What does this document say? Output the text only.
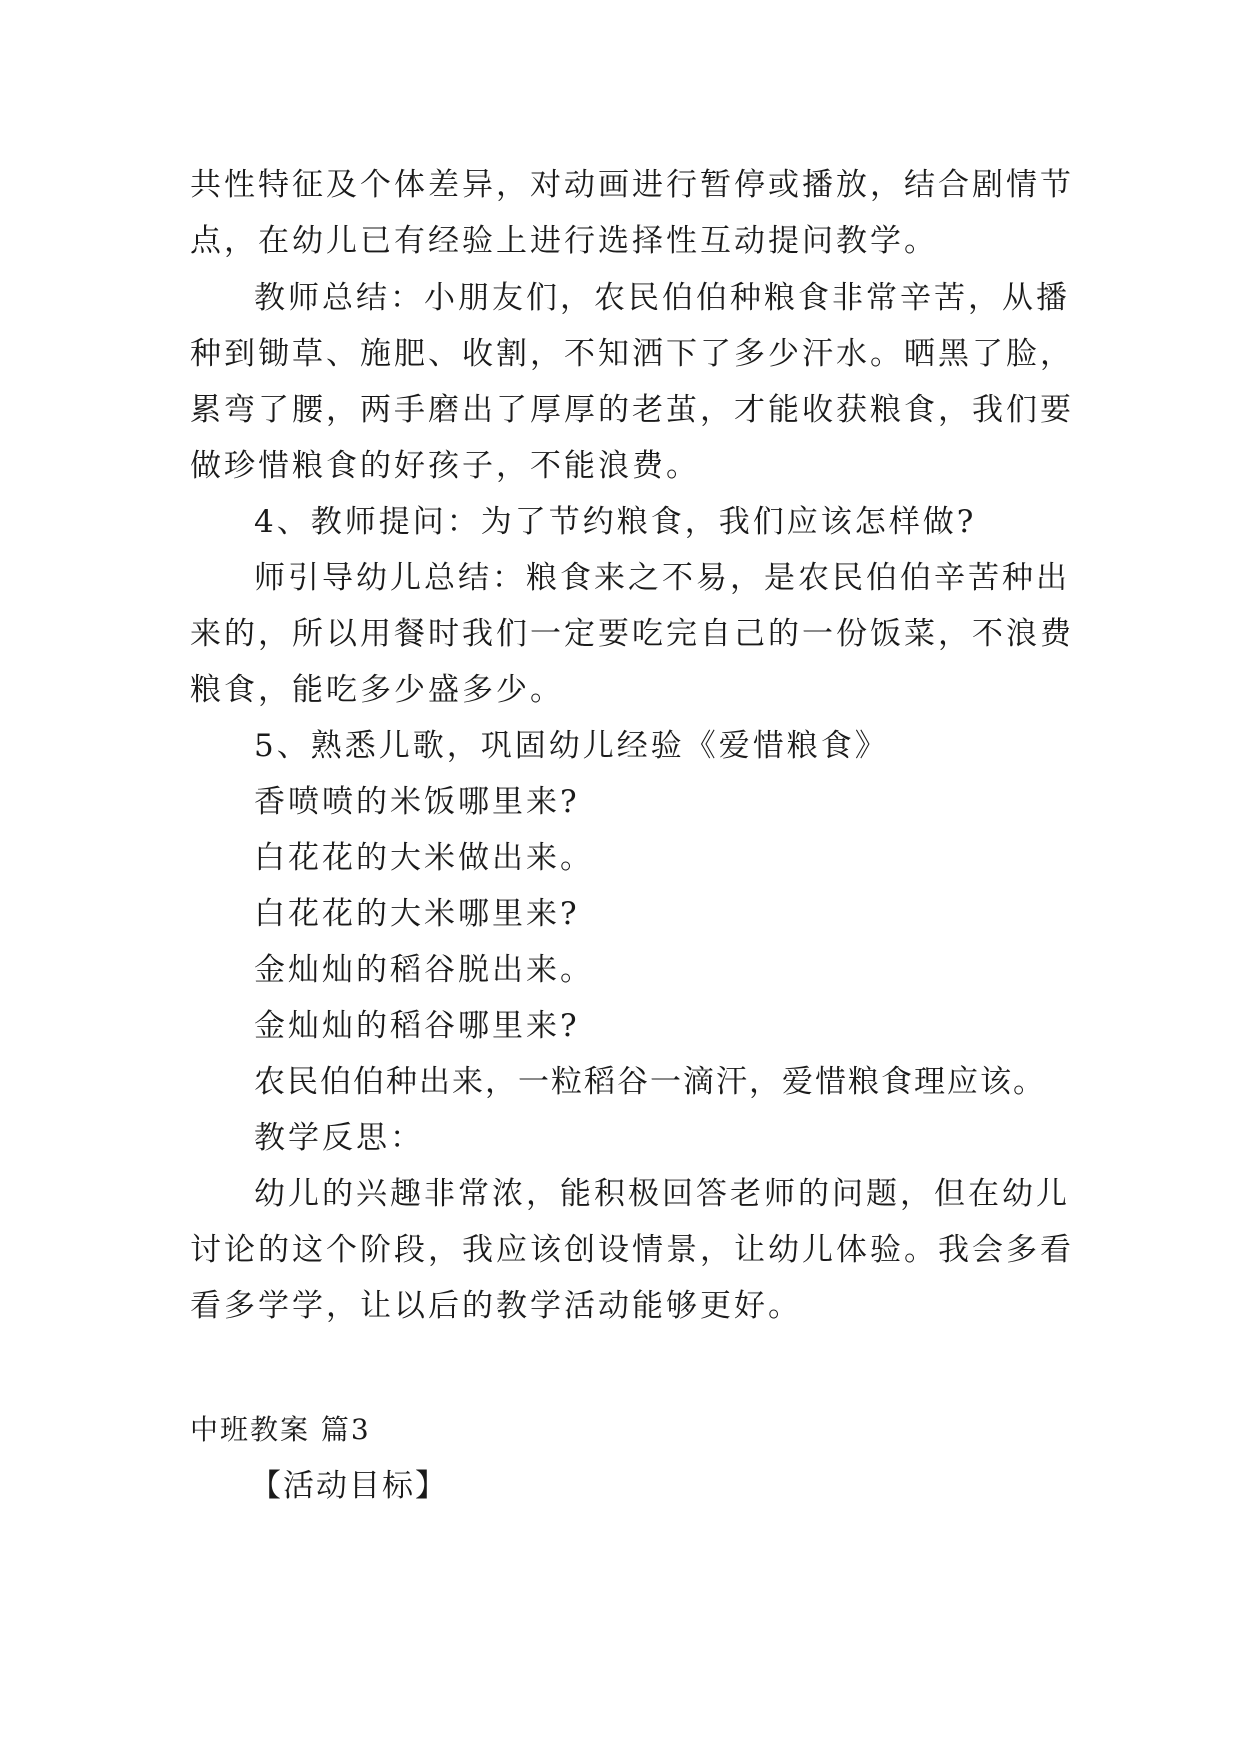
共性特征及个体差异，对动画进行暂停或播放，结合剧情节
点，在幼儿已有经验上进行选择性互动提问教学。
教师总结：小朋友们，农民伯伯种粮食非常辛苦，从播
种到锄草、施肥、收割，不知洒下了多少汗水。晒黑了脸，
累弯了腰，两手磨出了厚厚的老茧，才能收获粮食，我们要
做珍惜粮食的好孩子，不能浪费。
4、教师提问：为了节约粮食，我们应该怎样做?
师引导幼儿总结：粮食来之不易，是农民伯伯辛苦种出
来的，所以用餐时我们一定要吃完自己的一份饭菜，不浪费
粮食，能吃多少盛多少。
5、熟悉儿歌，巩固幼儿经验《爱惜粮食》
香喷喷的米饭哪里来?
白花花的大米做出来。
白花花的大米哪里来?
金灿灿的稻谷脱出来。
金灿灿的稻谷哪里来?
农民伯伯种出来，一粒稻谷一滴汗，爱惜粮食理应该。
教学反思：
幼儿的兴趣非常浓，能积极回答老师的问题，但在幼儿
讨论的这个阶段，我应该创设情景，让幼儿体验。我会多看
看多学学，让以后的教学活动能够更好。
中班教案 篇3
【活动目标】
